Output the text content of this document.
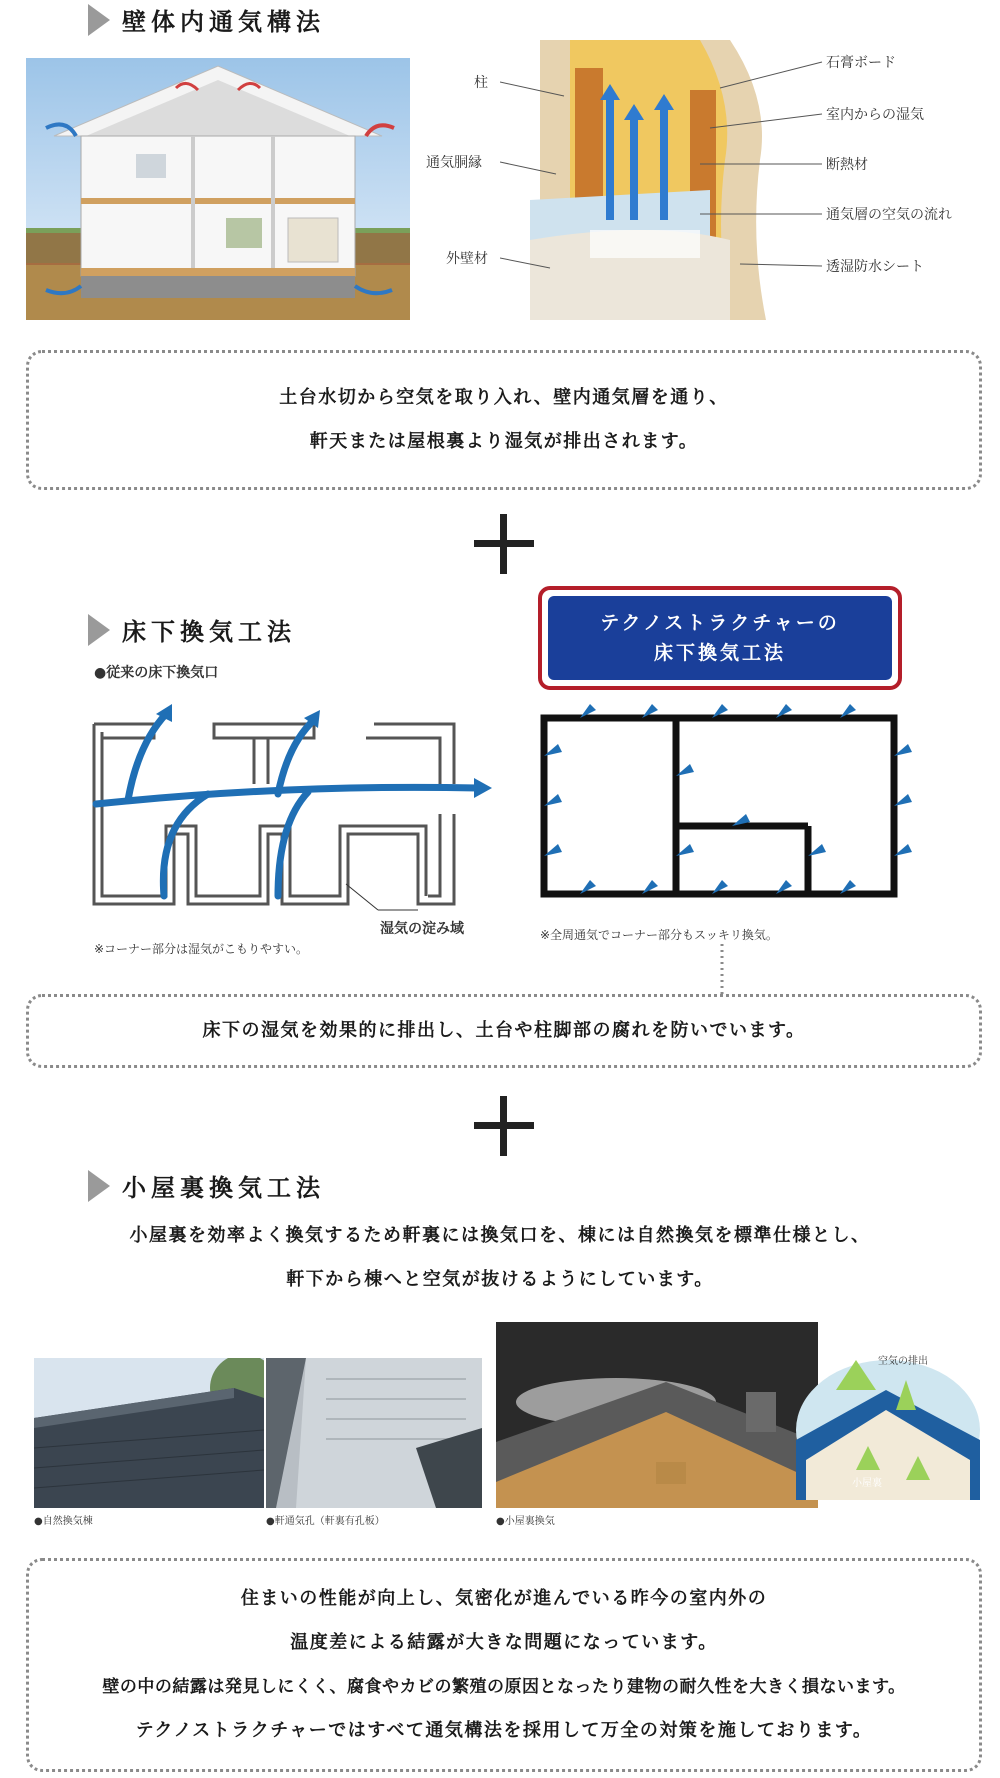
壁体内通気構法
柱
通気胴縁
外壁材
石膏ボード
室内からの湿気
断熱材
通気層の空気の流れ
透湿防水シート

土台水切から空気を取り入れ、壁内通気層を通り、

軒天または屋根裏より湿気が排出されます。

床下換気工法
●従来の床下換気口
湿気の淀み域
※コーナー部分は湿気がこもりやすい。
テクノストラクチャーの
床下換気工法
※全周通気でコーナー部分もスッキリ換気。

床下の湿気を効果的に排出し、土台や柱脚部の腐れを防いでいます。

小屋裏換気工法
小屋裏を効率よく換気するため軒裏には換気口を、棟には自然換気を標準仕様とし、
軒下から棟へと空気が抜けるようにしています。
空気の排出
小屋裏
●自然換気棟	●軒通気孔（軒裏有孔板）	●小屋裏換気

住まいの性能が向上し、気密化が進んでいる昨今の室内外の

温度差による結露が大きな問題になっています。

壁の中の結露は発見しにくく、腐食やカビの繁殖の原因となったり建物の耐久性を大きく損ないます。

テクノストラクチャーではすべて通気構法を採用して万全の対策を施しております。
